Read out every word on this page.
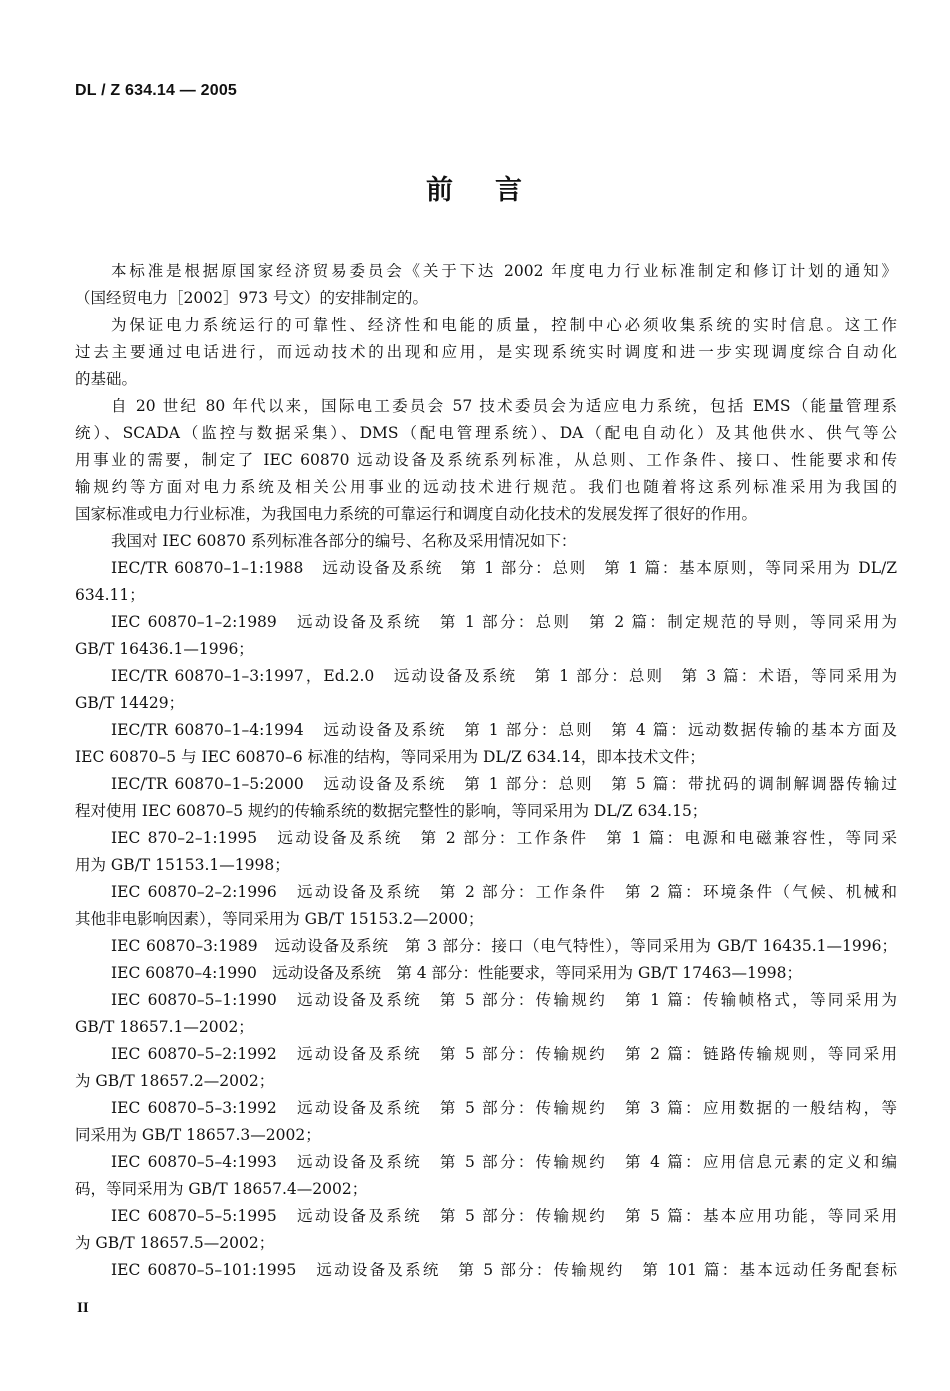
DL / Z 634.14 — 2005
前 言
本标准是根据原国家经济贸易委员会《关于下达 2002 年度电力行业标准制定和修订计划的通知》
（国经贸电力［2002］973 号文）的安排制定的。
为保证电力系统运行的可靠性、经济性和电能的质量，控制中心必须收集系统的实时信息。这工作
过去主要通过电话进行，而远动技术的出现和应用，是实现系统实时调度和进一步实现调度综合自动化
的基础。
自 20 世纪 80 年代以来，国际电工委员会 57 技术委员会为适应电力系统，包括 EMS（能量管理系
统）、SCADA（监控与数据采集）、DMS（配电管理系统）、DA（配电自动化）及其他供水、供气等公
用事业的需要，制定了 IEC 60870 远动设备及系统系列标准，从总则、工作条件、接口、性能要求和传
输规约等方面对电力系统及相关公用事业的远动技术进行规范。我们也随着将这系列标准采用为我国的
国家标准或电力行业标准，为我国电力系统的可靠运行和调度自动化技术的发展发挥了很好的作用。
我国对 IEC 60870 系列标准各部分的编号、名称及采用情况如下：
IEC/TR 60870–1–1:1988　远动设备及系统　第 1 部分：总则　第 1 篇：基本原则，等同采用为 DL/Z
634.11；
IEC 60870–1–2:1989　远动设备及系统　第 1 部分：总则　第 2 篇：制定规范的导则，等同采用为
GB/T 16436.1—1996；
IEC/TR 60870–1–3:1997，Ed.2.0　远动设备及系统　第 1 部分：总则　第 3 篇：术语，等同采用为
GB/T 14429；
IEC/TR 60870–1–4:1994　远动设备及系统　第 1 部分：总则　第 4 篇：远动数据传输的基本方面及
IEC 60870–5 与 IEC 60870–6 标准的结构，等同采用为 DL/Z 634.14，即本技术文件；
IEC/TR 60870–1–5:2000　远动设备及系统　第 1 部分：总则　第 5 篇：带扰码的调制解调器传输过
程对使用 IEC 60870–5 规约的传输系统的数据完整性的影响，等同采用为 DL/Z 634.15；
IEC 870–2–1:1995　远动设备及系统　第 2 部分：工作条件　第 1 篇：电源和电磁兼容性，等同采
用为 GB/T 15153.1—1998；
IEC 60870–2–2:1996　远动设备及系统　第 2 部分：工作条件　第 2 篇：环境条件（气候、机械和
其他非电影响因素），等同采用为 GB/T 15153.2—2000；
IEC 60870–3:1989　远动设备及系统　第 3 部分：接口（电气特性），等同采用为 GB/T 16435.1—1996；
IEC 60870–4:1990　远动设备及系统　第 4 部分：性能要求，等同采用为 GB/T 17463—1998；
IEC 60870–5–1:1990　远动设备及系统　第 5 部分：传输规约　第 1 篇：传输帧格式，等同采用为
GB/T 18657.1—2002；
IEC 60870–5–2:1992　远动设备及系统　第 5 部分：传输规约　第 2 篇：链路传输规则，等同采用
为 GB/T 18657.2—2002；
IEC 60870–5–3:1992　远动设备及系统　第 5 部分：传输规约　第 3 篇：应用数据的一般结构，等
同采用为 GB/T 18657.3—2002；
IEC 60870–5–4:1993　远动设备及系统　第 5 部分：传输规约　第 4 篇：应用信息元素的定义和编
码，等同采用为 GB/T 18657.4—2002；
IEC 60870–5–5:1995　远动设备及系统　第 5 部分：传输规约　第 5 篇：基本应用功能，等同采用
为 GB/T 18657.5—2002；
IEC 60870–5–101:1995　远动设备及系统　第 5 部分：传输规约　第 101 篇：基本远动任务配套标
II
